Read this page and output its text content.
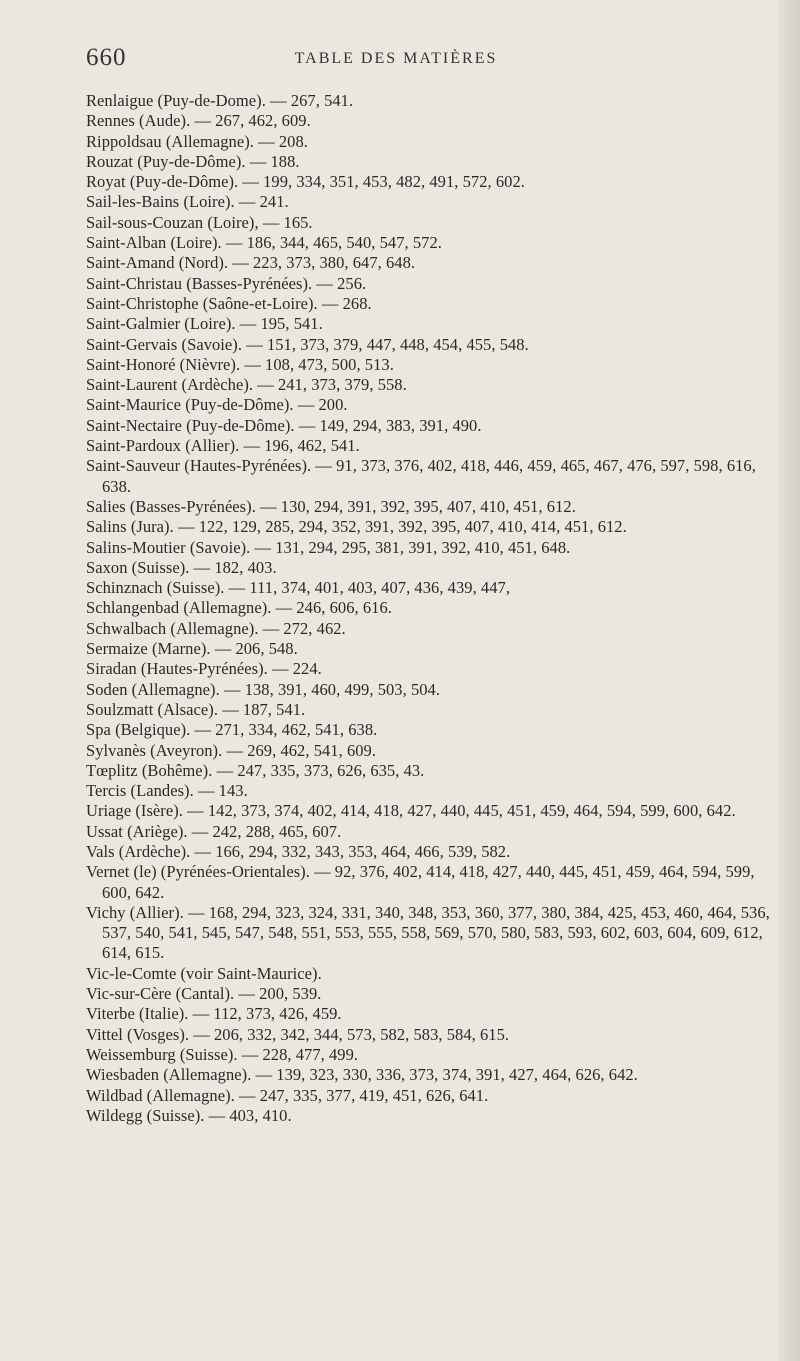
660	TABLE DES MATIÈRES

Renlaigue (Puy-de-Dome). — 267, 541.

Rennes (Aude). — 267, 462, 609.

Rippoldsau (Allemagne). — 208.

Rouzat (Puy-de-Dôme). — 188.

Royat (Puy-de-Dôme). — 199, 334, 351, 453, 482, 491, 572, 602.

Sail-les-Bains (Loire). — 241.

Sail-sous-Couzan (Loire), — 165.

Saint-Alban (Loire). — 186, 344, 465, 540, 547, 572.

Saint-Amand (Nord). — 223, 373, 380, 647, 648.

Saint-Christau (Basses-Pyrénées). — 256.

Saint-Christophe (Saône-et-Loire). — 268.

Saint-Galmier (Loire). — 195, 541.

Saint-Gervais (Savoie). — 151, 373, 379, 447, 448, 454, 455, 548.

Saint-Honoré (Nièvre). — 108, 473, 500, 513.

Saint-Laurent (Ardèche). — 241, 373, 379, 558.

Saint-Maurice (Puy-de-Dôme). — 200.

Saint-Nectaire (Puy-de-Dôme). — 149, 294, 383, 391, 490.

Saint-Pardoux (Allier). — 196, 462, 541.

Saint-Sauveur (Hautes-Pyrénées). — 91, 373, 376, 402, 418, 446, 459, 465, 467, 476, 597, 598, 616, 638.

Salies (Basses-Pyrénées). — 130, 294, 391, 392, 395, 407, 410, 451, 612.

Salins (Jura). — 122, 129, 285, 294, 352, 391, 392, 395, 407, 410, 414, 451, 612.

Salins-Moutier (Savoie). — 131, 294, 295, 381, 391, 392, 410, 451, 648.

Saxon (Suisse). — 182, 403.

Schinznach (Suisse). — 111, 374, 401, 403, 407, 436, 439, 447,

Schlangenbad (Allemagne). — 246, 606, 616.

Schwalbach (Allemagne). — 272, 462.

Sermaize (Marne). — 206, 548.

Siradan (Hautes-Pyrénées). — 224.

Soden (Allemagne). — 138, 391, 460, 499, 503, 504.

Soulzmatt (Alsace). — 187, 541.

Spa (Belgique). — 271, 334, 462, 541, 638.

Sylvanès (Aveyron). — 269, 462, 541, 609.

Tœplitz (Bohême). — 247, 335, 373, 626, 635, 43.

Tercis (Landes). — 143.

Uriage (Isère). — 142, 373, 374, 402, 414, 418, 427, 440, 445, 451, 459, 464, 594, 599, 600, 642.

Ussat (Ariège). — 242, 288, 465, 607.

Vals (Ardèche). — 166, 294, 332, 343, 353, 464, 466, 539, 582.

Vernet (le) (Pyrénées-Orientales). — 92, 376, 402, 414, 418, 427, 440, 445, 451, 459, 464, 594, 599, 600, 642.

Vichy (Allier). — 168, 294, 323, 324, 331, 340, 348, 353, 360, 377, 380, 384, 425, 453, 460, 464, 536, 537, 540, 541, 545, 547, 548, 551, 553, 555, 558, 569, 570, 580, 583, 593, 602, 603, 604, 609, 612, 614, 615.

Vic-le-Comte (voir Saint-Maurice).

Vic-sur-Cère (Cantal). — 200, 539.

Viterbe (Italie). — 112, 373, 426, 459.

Vittel (Vosges). — 206, 332, 342, 344, 573, 582, 583, 584, 615.

Weissemburg (Suisse). — 228, 477, 499.

Wiesbaden (Allemagne). — 139, 323, 330, 336, 373, 374, 391, 427, 464, 626, 642.

Wildbad (Allemagne). — 247, 335, 377, 419, 451, 626, 641.

Wildegg (Suisse). — 403, 410.
